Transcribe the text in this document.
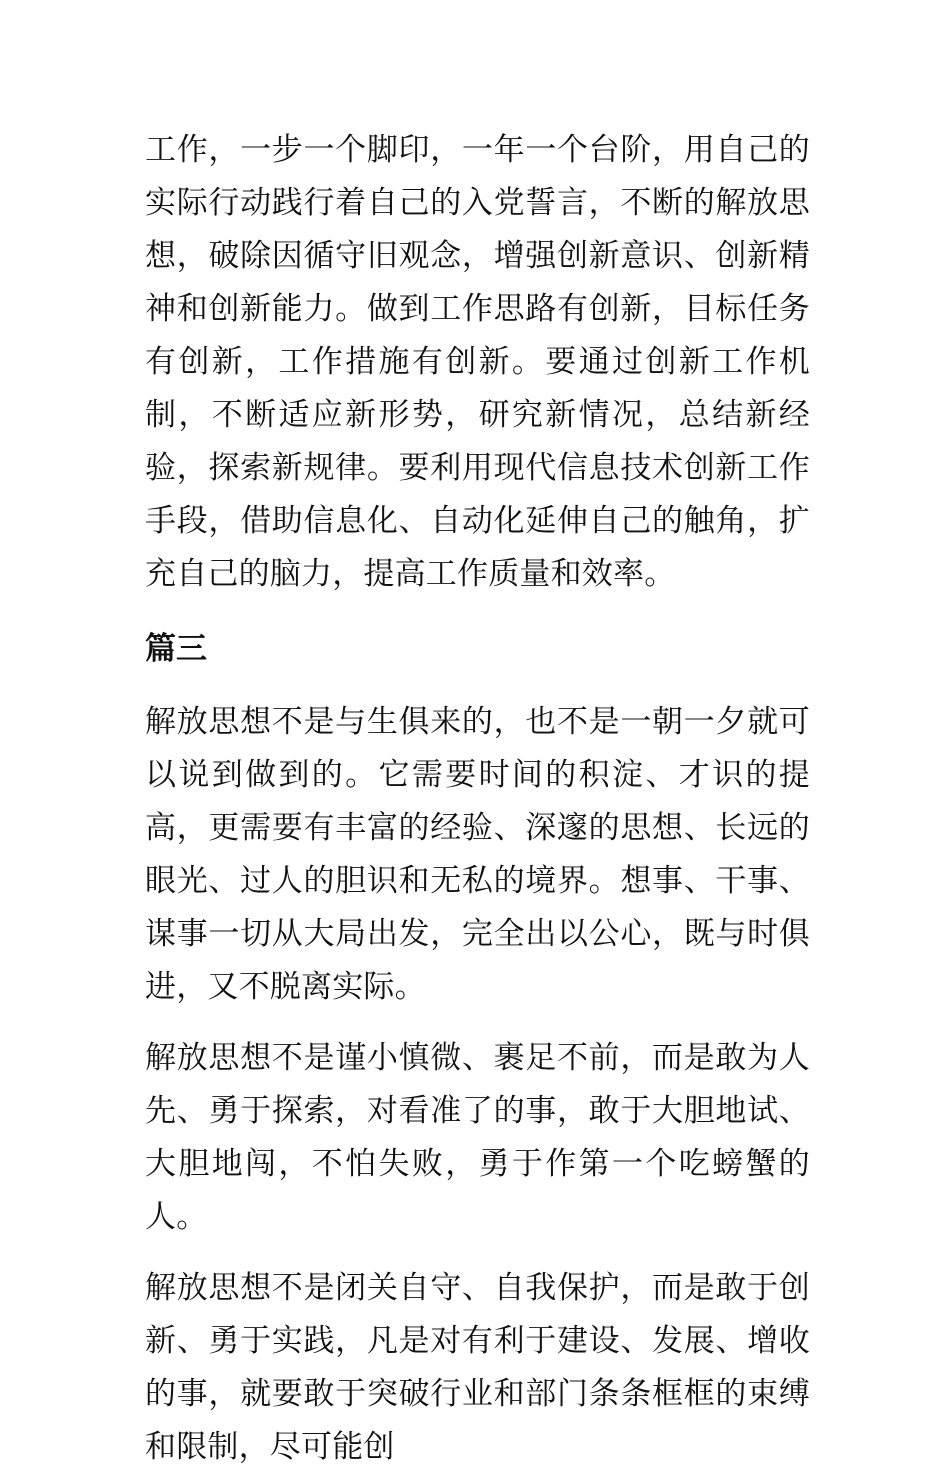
工作，一步一个脚印，一年一个台阶，用自己的实际行动践行着自己的入党誓言，不断的解放思想，破除因循守旧观念，增强创新意识、创新精神和创新能力。做到工作思路有创新，目标任务有创新，工作措施有创新。要通过创新工作机制，不断适应新形势，研究新情况，总结新经验，探索新规律。要利用现代信息技术创新工作手段，借助信息化、自动化延伸自己的触角，扩充自己的脑力，提高工作质量和效率。

篇三

解放思想不是与生俱来的，也不是一朝一夕就可以说到做到的。它需要时间的积淀、才识的提高，更需要有丰富的经验、深邃的思想、长远的眼光、过人的胆识和无私的境界。想事、干事、谋事一切从大局出发，完全出以公心，既与时俱进，又不脱离实际。

解放思想不是谨小慎微、裹足不前，而是敢为人先、勇于探索，对看准了的事，敢于大胆地试、大胆地闯，不怕失败，勇于作第一个吃螃蟹的人。

解放思想不是闭关自守、自我保护，而是敢于创新、勇于实践，凡是对有利于建设、发展、增收的事，就要敢于突破行业和部门条条框框的束缚和限制，尽可能创
